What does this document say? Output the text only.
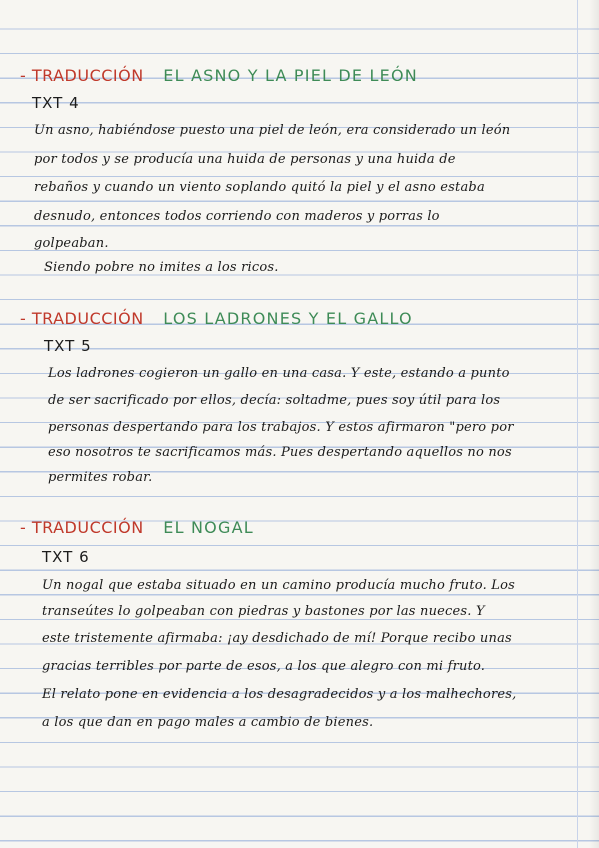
- TRADUCCIÓN EL ASNO Y LA PIEL DE LEÓN
TXT 4
Un asno, habiéndose puesto una piel de león, era considerado un león
por todos y se producía una huida de personas y una huida de
rebaños y cuando un viento soplando quitó la piel y el asno estaba
desnudo, entonces todos corriendo con maderos y porras lo
golpeaban.
Siendo pobre no imites a los ricos.
- TRADUCCIÓN LOS LADRONES Y EL GALLO
TXT 5
Los ladrones cogieron un gallo en una casa. Y este, estando a punto
de ser sacrificado por ellos, decía: soltadme, pues soy útil para los
personas despertando para los trabajos. Y estos afirmaron "pero por
eso nosotros te sacrificamos más. Pues despertando aquellos no nos
permites robar.
- TRADUCCIÓN EL NOGAL
TXT 6
Un nogal que estaba situado en un camino producía mucho fruto. Los
transeútes lo golpeaban con piedras y bastones por las nueces. Y
este tristemente afirmaba: ¡ay desdichado de mí! Porque recibo unas
gracias terribles por parte de esos, a los que alegro con mi fruto.
El relato pone en evidencia a los desagradecidos y a los malhechores,
a los que dan en pago males a cambio de bienes.
